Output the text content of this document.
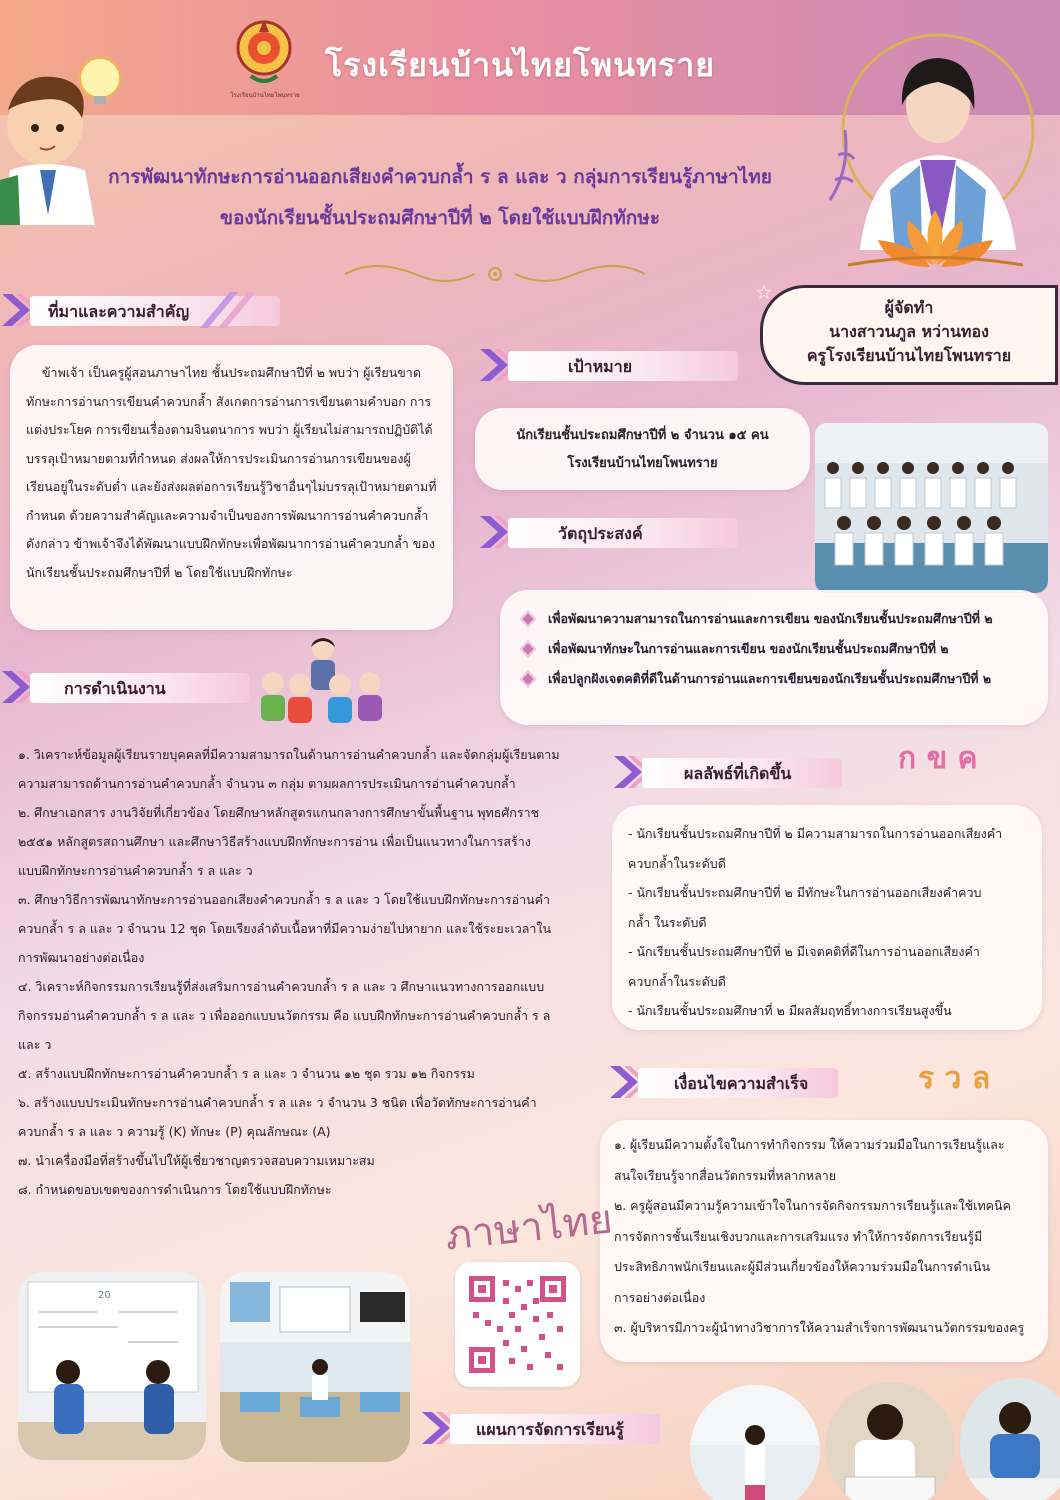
โรงเรียนบ้านไทยโพนทราย
โรงเรียนบ้านไทยโพนทราย
การพัฒนาทักษะการอ่านออกเสียงคำควบกล้ำ ร ล และ ว กลุ่มการเรียนรู้ภาษาไทย
ของนักเรียนชั้นประถมศึกษาปีที่ ๒ โดยใช้แบบฝึกทักษะ
☆
ผู้จัดทำ
นางสาวนภูล หว่านทอง
ครูโรงเรียนบ้านไทยโพนทราย
ที่มาและความสำคัญ

ข้าพเจ้า เป็นครูผู้สอนภาษาไทย ชั้นประถมศึกษาปีที่ ๒ พบว่า ผู้เรียนขาดทักษะการอ่านการเขียนคำควบกล้ำ สังเกตการอ่านการเขียนตามคำบอก การแต่งประโยค การเขียนเรื่องตามจินตนาการ พบว่า ผู้เรียนไม่สามารถปฏิบัติได้บรรลุเป้าหมายตามที่กำหนด ส่งผลให้การประเมินการอ่านการเขียนของผู้เรียนอยู่ในระดับต่ำ และยังส่งผลต่อการเรียนรู้วิชาอื่นๆไม่บรรลุเป้าหมายตามที่กำหนด ด้วยความสำคัญและความจำเป็นของการพัฒนาการอ่านคำควบกล้ำดังกล่าว ข้าพเจ้าจึงได้พัฒนาแบบฝึกทักษะเพื่อพัฒนาการอ่านคำควบกล้ำ ของนักเรียนชั้นประถมศึกษาปีที่ ๒ โดยใช้แบบฝึกทักษะ

เป้าหมาย
นักเรียนชั้นประถมศึกษาปีที่ ๒ จำนวน ๑๕ คน
โรงเรียนบ้านไทยโพนทราย
วัตถุประสงค์
เพื่อพัฒนาความสามารถในการอ่านและการเขียน ของนักเรียนชั้นประถมศึกษาปีที่ ๒
เพื่อพัฒนาทักษะในการอ่านและการเขียน ของนักเรียนชั้นประถมศึกษาปีที่ ๒
เพื่อปลูกฝังเจตคติที่ดีในด้านการอ่านและการเขียนของนักเรียนชั้นประถมศึกษาปีที่ ๒
การดำเนินงาน
๑. วิเคราะห์ข้อมูลผู้เรียนรายบุคคลที่มีความสามารถในด้านการอ่านคำควบกล้ำ และจัดกลุ่มผู้เรียนตาม
ความสามารถด้านการอ่านคำควบกล้ำ จำนวน ๓ กลุ่ม ตามผลการประเมินการอ่านคำควบกล้ำ
๒. ศึกษาเอกสาร งานวิจัยที่เกี่ยวข้อง โดยศึกษาหลักสูตรแกนกลางการศึกษาขั้นพื้นฐาน พุทธศักราช
๒๕๕๑ หลักสูตรสถานศึกษา และศึกษาวิธีสร้างแบบฝึกทักษะการอ่าน เพื่อเป็นแนวทางในการสร้าง
แบบฝึกทักษะการอ่านคำควบกล้ำ ร ล และ ว
๓. ศึกษาวิธีการพัฒนาทักษะการอ่านออกเสียงคำควบกล้ำ ร ล และ ว โดยใช้แบบฝึกทักษะการอ่านคำ
ควบกล้ำ ร ล และ ว จำนวน 12 ชุด โดยเรียงลำดับเนื้อหาที่มีความง่ายไปหายาก และใช้ระยะเวลาใน
การพัฒนาอย่างต่อเนื่อง
๔. วิเคราะห์กิจกรรมการเรียนรู้ที่ส่งเสริมการอ่านคำควบกล้ำ ร ล และ ว ศึกษาแนวทางการออกแบบ
กิจกรรมอ่านคำควบกล้ำ ร ล และ ว เพื่อออกแบบนวัตกรรม คือ แบบฝึกทักษะการอ่านคำควบกล้ำ ร ล
และ ว
๕. สร้างแบบฝึกทักษะการอ่านคำควบกล้ำ ร ล และ ว จำนวน ๑๒ ชุด รวม ๑๒ กิจกรรม
๖. สร้างแบบประเมินทักษะการอ่านคำควบกล้ำ ร ล และ ว จำนวน 3 ชนิด เพื่อวัดทักษะการอ่านคำ
ควบกล้ำ ร ล และ ว ความรู้ (K) ทักษะ (P) คุณลักษณะ (A)
๗. นำเครื่องมือที่สร้างขึ้นไปให้ผู้เชี่ยวชาญตรวจสอบความเหมาะสม
๘. กำหนดขอบเขตของการดำเนินการ โดยใช้แบบฝึกทักษะ
ผลลัพธ์ที่เกิดขึ้น	ก ข ค
- นักเรียนชั้นประถมศึกษาปีที่ ๒ มีความสามารถในการอ่านออกเสียงคำ
ควบกล้ำในระดับดี
- นักเรียนชั้นประถมศึกษาปีที่ ๒ มีทักษะในการอ่านออกเสียงคำควบ
กล้ำ ในระดับดี
- นักเรียนชั้นประถมศึกษาปีที่ ๒ มีเจตคติที่ดีในการอ่านออกเสียงคำ
ควบกล้ำในระดับดี
- นักเรียนชั้นประถมศึกษาที่ ๒ มีผลสัมฤทธิ์ทางการเรียนสูงขึ้น
เงื่อนไขความสำเร็จ	ร ว ล
๑. ผู้เรียนมีความตั้งใจในการทำกิจกรรม ให้ความร่วมมือในการเรียนรู้และ
สนใจเรียนรู้จากสื่อนวัตกรรมที่หลากหลาย
๒. ครูผู้สอนมีความรู้ความเข้าใจในการจัดกิจกรรมการเรียนรู้และใช้เทคนิค
การจัดการชั้นเรียนเชิงบวกและการเสริมแรง ทำให้การจัดการเรียนรู้มี
ประสิทธิภาพนักเรียนและผู้มีส่วนเกี่ยวข้องให้ความร่วมมือในการดำเนิน
การอย่างต่อเนื่อง
๓. ผู้บริหารมีภาวะผู้นำทางวิชาการให้ความสำเร็จการพัฒนานวัตกรรมของครู
ภาษาไทย
20
แผนการจัดการเรียนรู้
